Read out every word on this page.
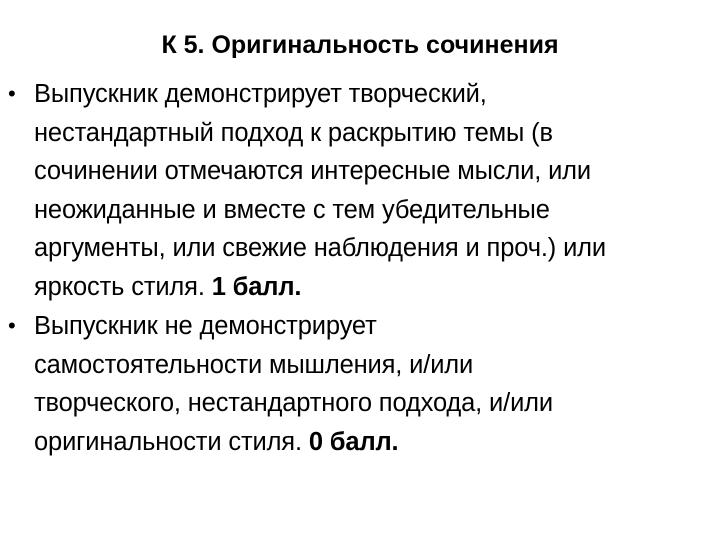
К 5. Оригинальность сочинения
• Выпускник демонстрирует творческий,
нестандартный подход к раскрытию темы (в
сочинении отмечаются интересные мысли, или
неожиданные и вместе с тем убедительные
аргументы, или свежие наблюдения и проч.) или
яркость стиля. 1 балл.
• Выпускник не демонстрирует
самостоятельности мышления, и/или
творческого, нестандартного подхода, и/или
оригинальности стиля. 0 балл.
